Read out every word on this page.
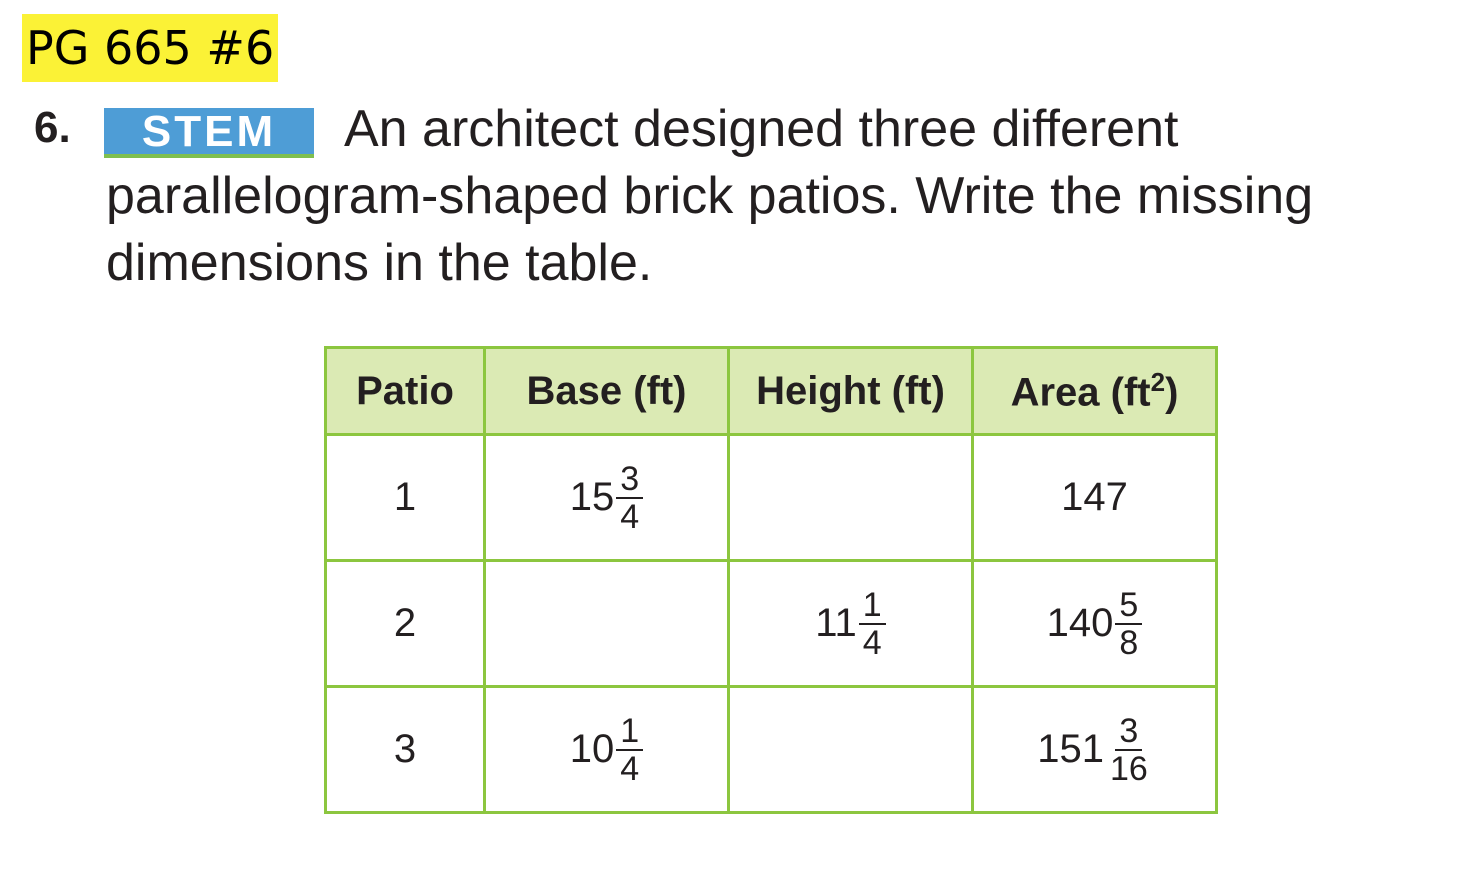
PG 665 #6
6.	STEM	An architect designed three different parallelogram-shaped brick patios. Write the missing dimensions in the table.
Patio	Base (ft)	Height (ft)	Area $(ft^2)$
1	$15 \frac{3}{4}$		147

2		$11 \frac{1}{4}$	$140 \frac{5}{8}$

3	$10 \frac{1}{4}$		$151 \frac{3}{16}$
